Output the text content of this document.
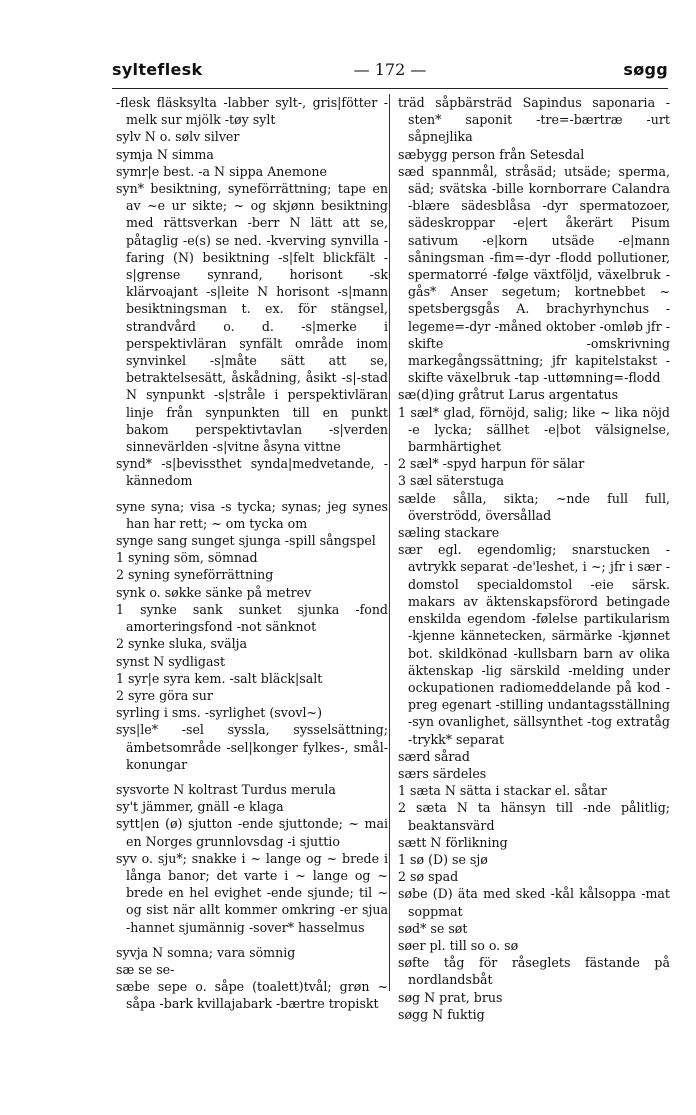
sylteflesk	— 172 —	søgg

-flesk fläsksylta -labber sylt-, gris|fötter -melk sur mjölk -tøy sylt

sylv N o. sølv silver

symja N simma

symr|e best. -a N sippa Anemone

syn* besiktning, syneförrättning; tape en av ~e ur sikte; ~ og skjønn besiktning med rättsverkan -berr N lätt att se, påtaglig -e(s) se ned. -kverving synvilla -faring (N) besiktning -s|felt blickfält -s|grense synrand, horisont -sk klärvoajant -s|leite N horisont -s|mann besiktningsman t. ex. för stängsel, strandvård o. d. -s|merke i perspektivläran synfält område inom synvinkel -s|måte sätt att se, betraktelsesätt, åskådning, åsikt -s|-stad N synpunkt -s|stråle i perspektivläran linje från synpunkten till en punkt bakom perspektivtavlan -s|verden sinnevärlden -s|vitne åsyna vittne

synd* -s|bevissthet synda|medvetande, -kännedom

syne syna; visa -s tycka; synas; jeg synes han har rett; ~ om tycka om

synge sang sunget sjunga -spill sångspel

1 syning söm, sömnad

2 syning syneförrättning

synk o. søkke sänke på metrev

1 synke sank sunket sjunka -fond amorteringsfond -not sänknot

2 synke sluka, svälja

synst N sydligast

1 syr|e syra kem. -salt bläck|salt

2 syre göra sur

syrling i sms. -syrlighet (svovl~)

sys|le* -sel syssla, sysselsättning; ämbetsområde -sel|konger fylkes-, smål-konungar

sysvorte N koltrast Turdus merula

sy't jämmer, gnäll -e klaga

sytt|en (ø) sjutton -ende sjuttonde; ~ mai en Norges grunnlovsdag -i sjuttio

syv o. sju*; snakke i ~ lange og ~ brede i långa banor; det varte i ~ lange og ~ brede en hel evighet -ende sjunde; til ~ og sist när allt kommer omkring -er sjua -hannet sjumännig -sover* hasselmus

syvja N somna; vara sömnig

sæ se se-

sæbe sepe o. såpe (toalett)tvål; grøn ~ såpa -bark kvillajabark -bærtre tropiskt

träd såpbärsträd Sapindus saponaria -sten* saponit -tre=-bærtræ -urt såpnejlika

sæbygg person från Setesdal

sæd spannmål, stråsäd; utsäde; sperma, säd; svätska -bille kornborrare Calandra -blære sädesblåsa -dyr spermatozoer, sädeskroppar -e|ert åkerärt Pisum sativum -e|korn utsäde -e|mann såningsman -fim=-dyr -flodd pollutioner, spermatorré -følge växtföljd, växelbruk -gås* Anser segetum; kortnebbet ~ spetsbergsgås A. brachyrhynchus -legeme=-dyr -måned oktober -omløb jfr -skifte -omskrivning markegångssättning; jfr kapitelstakst -skifte växelbruk -tap -uttømning=-flodd

sæ(d)ing gråtrut Larus argentatus

1 sæl* glad, förnöjd, salig; like ~ lika nöjd -e lycka; sällhet -e|bot välsignelse, barmhärtighet

2 sæl* -spyd harpun för sälar

3 sæl säterstuga

sælde sålla, sikta; ~nde full full, överströdd, översållad

sæling stackare

sær egl. egendomlig; snarstucken -avtrykk separat -de'leshet, i ~; jfr i sær -domstol specialdomstol -eie särsk. makars av äktenskapsförord betingade enskilda egendom -følelse partikularism -kjenne kännetecken, särmärke -kjønnet bot. skildkönad -kullsbarn barn av olika äktenskap -lig särskild -melding under ockupationen radiomeddelande på kod -preg egenart -stilling undantagsställning -syn ovanlighet, sällsynthet -tog extratåg -trykk* separat

særd sårad

særs särdeles

1 sæta N sätta i stackar el. såtar

2 sæta N ta hänsyn till -nde pålitlig; beaktansvärd

sætt N förlikning

1 sø (D) se sjø

2 sø spad

søbe (D) äta med sked -kål kålsoppa -mat soppmat

sød* se søt

søer pl. till so o. sø

søfte tåg för råseglets fästande på nordlandsbåt

søg N prat, brus

søgg N fuktig
